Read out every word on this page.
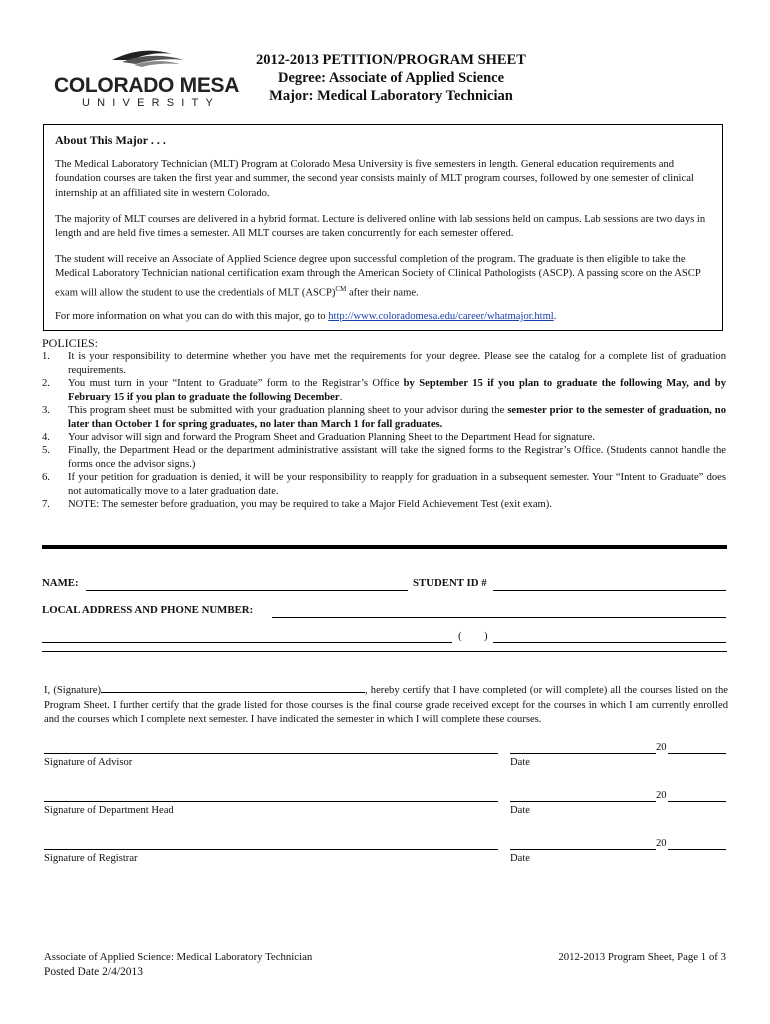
COLORADO MESA
UNIVERSITY
2012-2013 PETITION/PROGRAM SHEET
Degree: Associate of Applied Science
Major: Medical Laboratory Technician
About This Major . . .

The Medical Laboratory Technician (MLT) Program at Colorado Mesa University is five semesters in length. General education requirements and foundation courses are taken the first year and summer, the second year consists mainly of MLT program courses, followed by one semester of clinical internship at an affiliated site in western Colorado.

The majority of MLT courses are delivered in a hybrid format. Lecture is delivered online with lab sessions held on campus. Lab sessions are two days in length and are held five times a semester. All MLT courses are taken concurrently for each semester offered.

The student will receive an Associate of Applied Science degree upon successful completion of the program. The graduate is then eligible to take the Medical Laboratory Technician national certification exam through the American Society of Clinical Pathologists (ASCP). A passing score on the ASCP exam will allow the student to use the credentials of MLT (ASCP)$^{CM}$ after their name.

For more information on what you can do with this major, go to http://www.coloradomesa.edu/career/whatmajor.html.

POLICIES:
1.	It is your responsibility to determine whether you have met the requirements for your degree. Please see the catalog for a complete list of graduation requirements.
2.	You must turn in your “Intent to Graduate” form to the Registrar’s Office by September 15 if you plan to graduate the following May, and by February 15 if you plan to graduate the following December.
3.	This program sheet must be submitted with your graduation planning sheet to your advisor during the semester prior to the semester of graduation, no later than October 1 for spring graduates, no later than March 1 for fall graduates.
4.	Your advisor will sign and forward the Program Sheet and Graduation Planning Sheet to the Department Head for signature.
5.	Finally, the Department Head or the department administrative assistant will take the signed forms to the Registrar’s Office. (Students cannot handle the forms once the advisor signs.)
6.	If your petition for graduation is denied, it will be your responsibility to reapply for graduation in a subsequent semester. Your “Intent to Graduate” does not automatically move to a later graduation date.
7.	NOTE: The semester before graduation, you may be required to take a Major Field Achievement Test (exit exam).
NAME:	STUDENT ID #
LOCAL ADDRESS AND PHONE NUMBER:
( )
I, (Signature)	, hereby certify that I have completed (or will complete) all the courses listed on the Program Sheet. I further certify that the grade listed for those courses is the final course grade received except for the courses in which I am currently enrolled and the courses which I complete next semester. I have indicated the semester in which I will complete these courses.
20
Signature of Advisor	Date
20
Signature of Department Head	Date
20
Signature of Registrar	Date
Associate of Applied Science: Medical Laboratory Technician	2012-2013 Program Sheet, Page 1 of 3
Posted Date 2/4/2013
